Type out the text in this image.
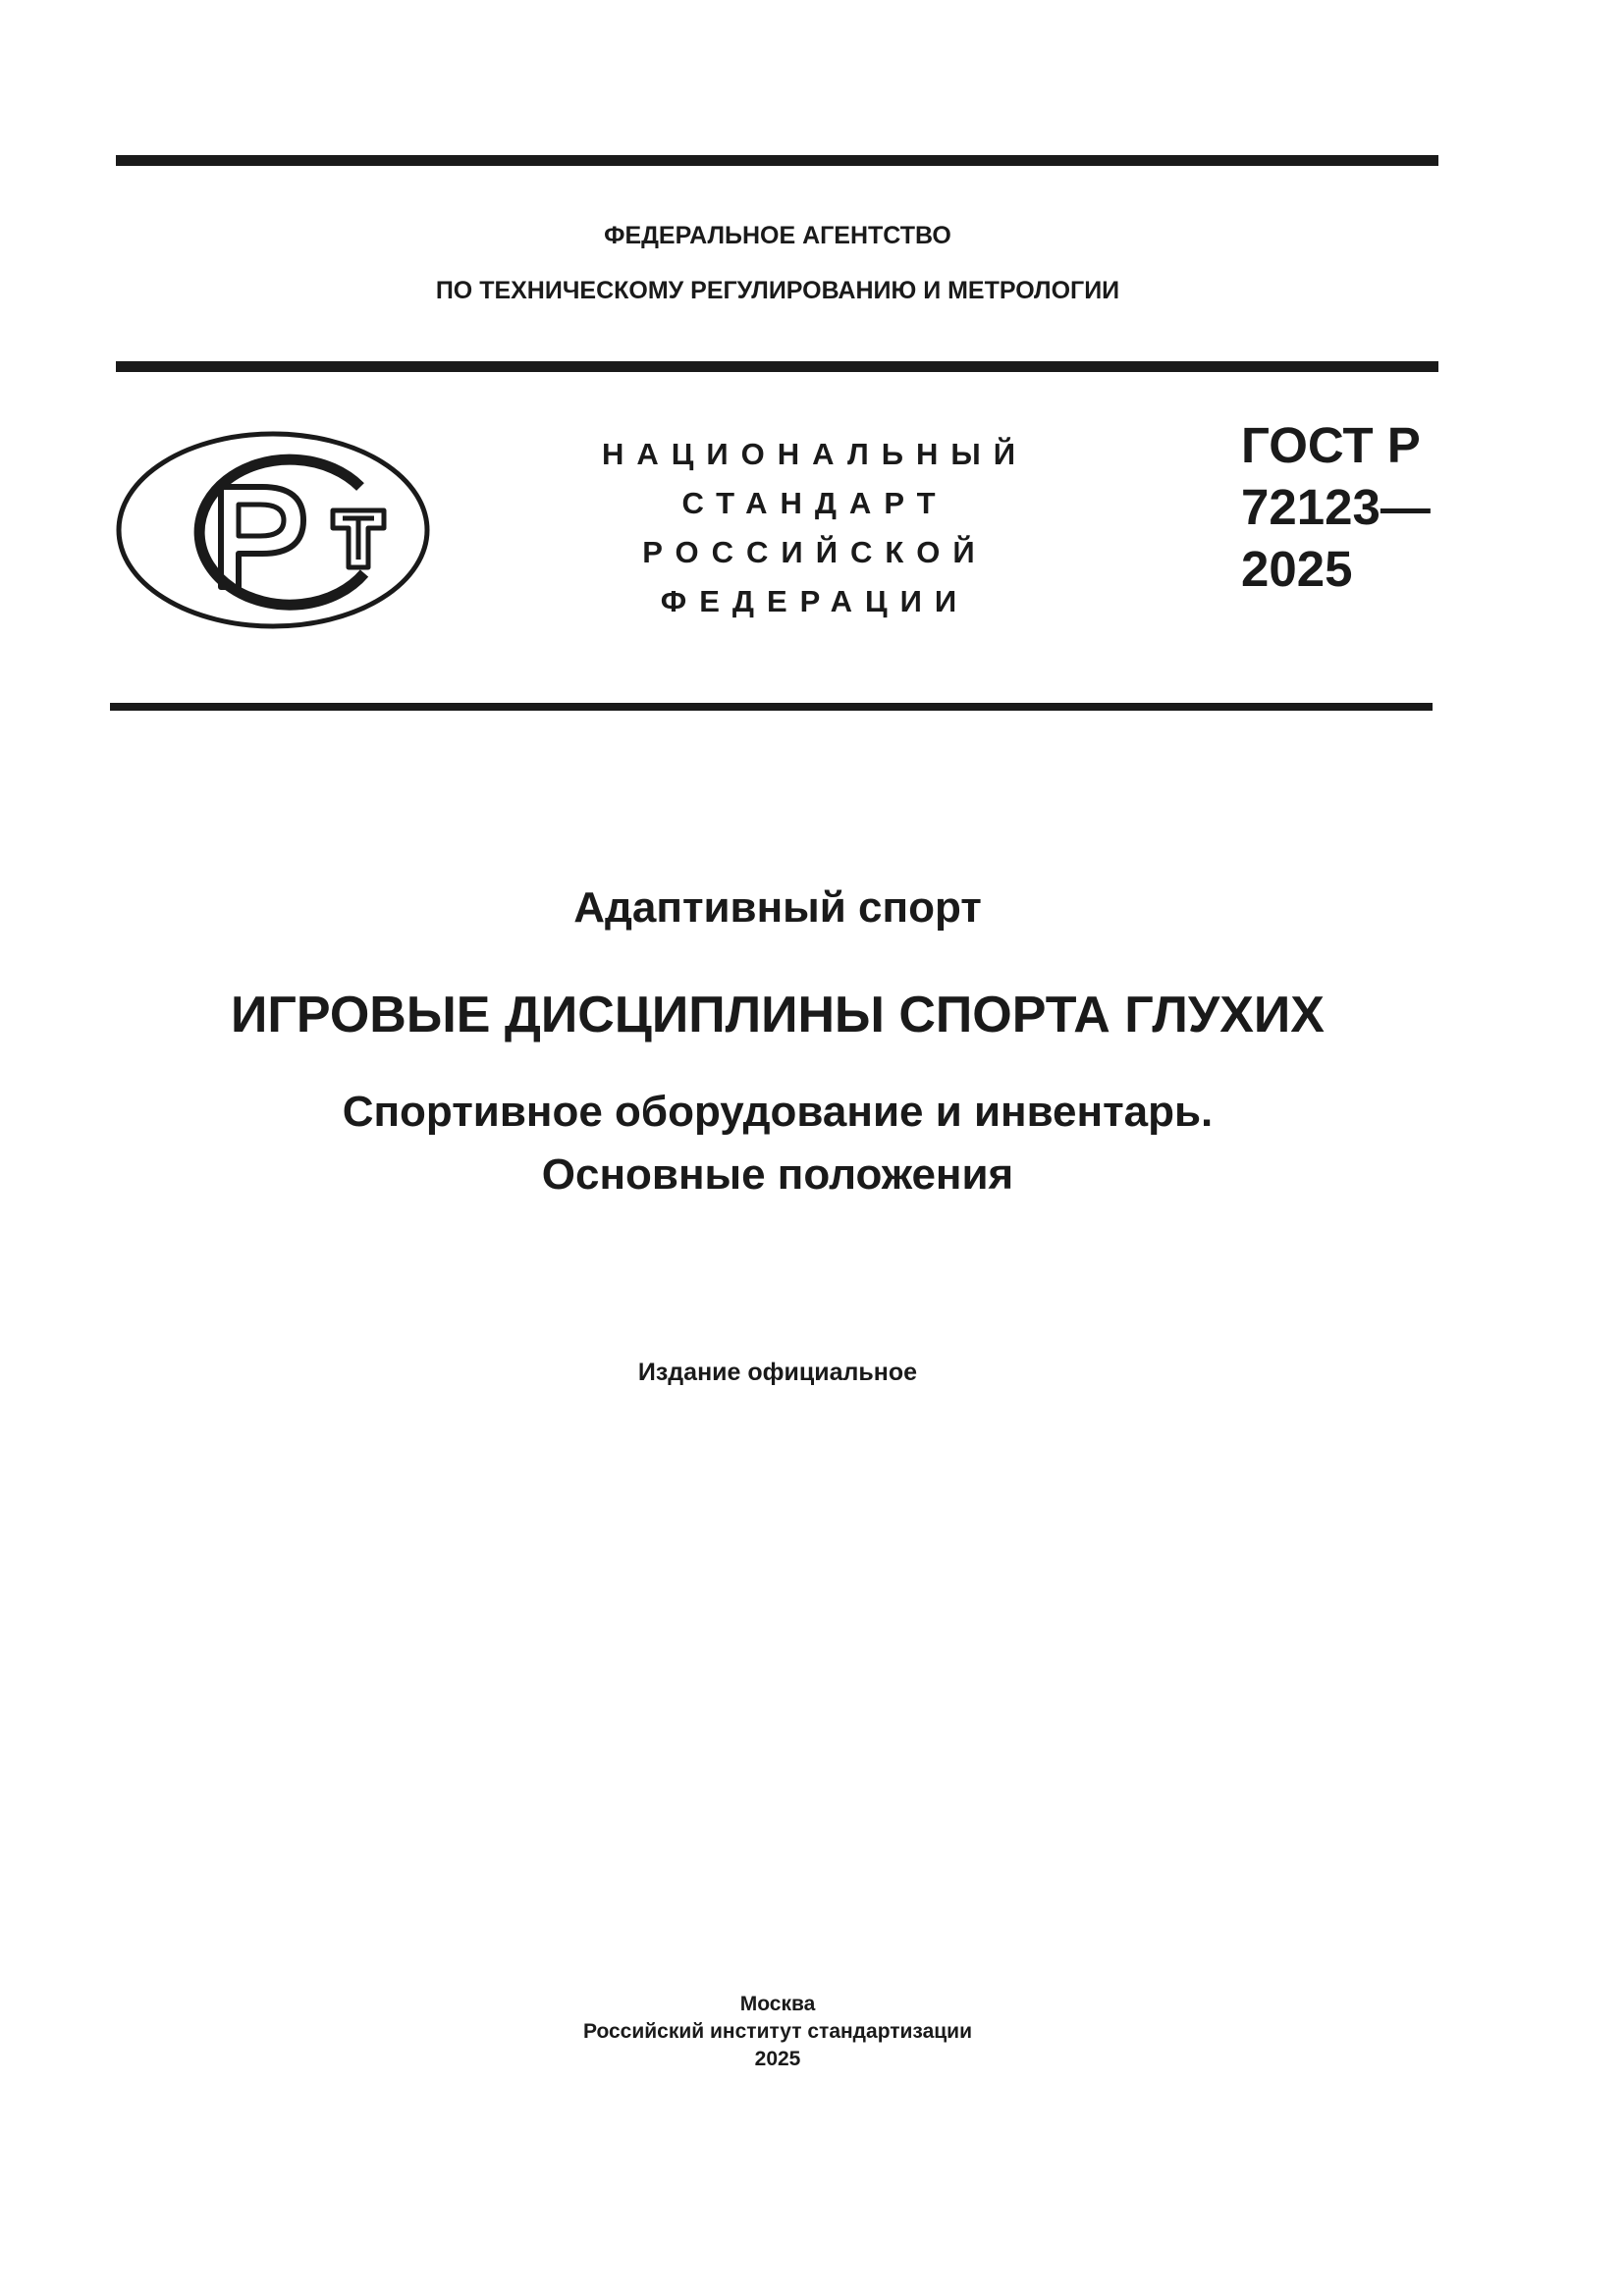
ФЕДЕРАЛЬНОЕ АГЕНТСТВО
ПО ТЕХНИЧЕСКОМУ РЕГУЛИРОВАНИЮ И МЕТРОЛОГИИ
НАЦИОНАЛЬНЫЙ
СТАНДАРТ
РОССИЙСКОЙ
ФЕДЕРАЦИИ
ГОСТ Р
72123—
2025
Адаптивный спорт
ИГРОВЫЕ ДИСЦИПЛИНЫ СПОРТА ГЛУХИХ
Спортивное оборудование и инвентарь.
Основные положения
Издание официальное
Москва
Российский институт стандартизации
2025
